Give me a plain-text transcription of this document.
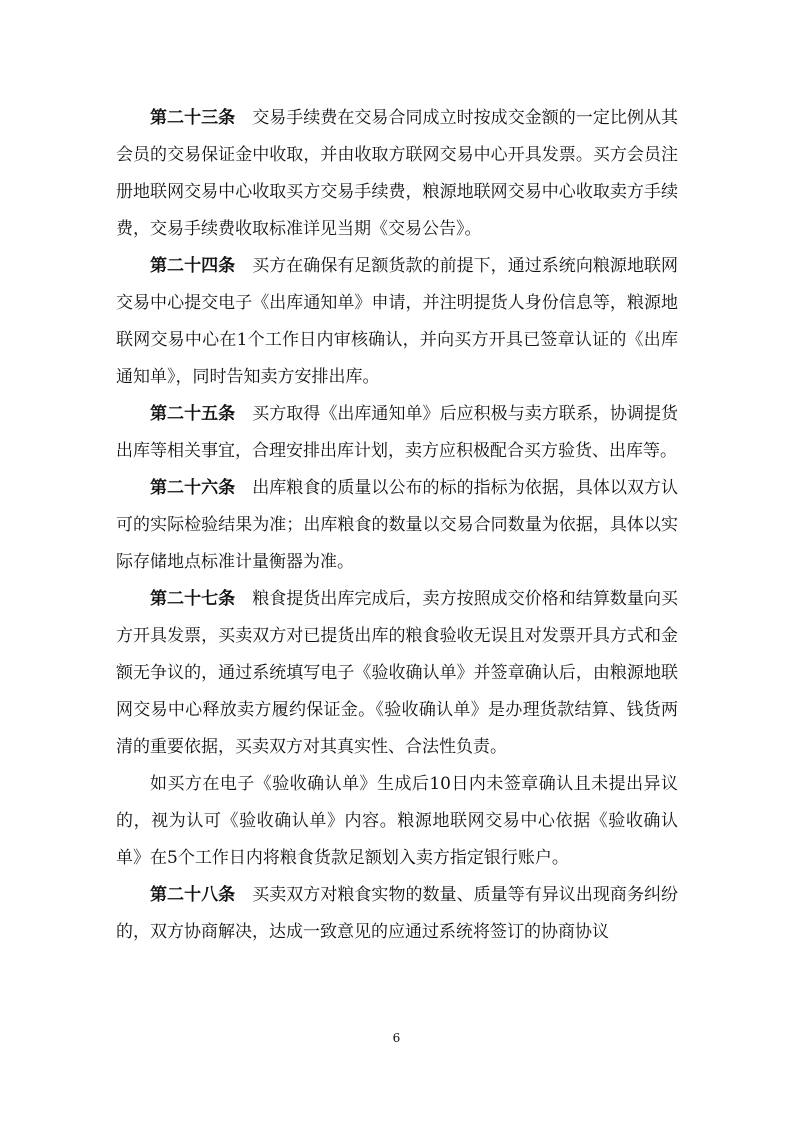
第二十三条 交易手续费在交易合同成立时按成交金额的一定比例从其会员的交易保证金中收取，并由收取方联网交易中心开具发票。买方会员注册地联网交易中心收取买方交易手续费，粮源地联网交易中心收取卖方手续费，交易手续费收取标准详见当期《交易公告》。

第二十四条 买方在确保有足额货款的前提下，通过系统向粮源地联网交易中心提交电子《出库通知单》申请，并注明提货人身份信息等，粮源地联网交易中心在1个工作日内审核确认，并向买方开具已签章认证的《出库通知单》，同时告知卖方安排出库。

第二十五条 买方取得《出库通知单》后应积极与卖方联系，协调提货出库等相关事宜，合理安排出库计划，卖方应积极配合买方验货、出库等。

第二十六条 出库粮食的质量以公布的标的指标为依据，具体以双方认可的实际检验结果为准；出库粮食的数量以交易合同数量为依据，具体以实际存储地点标准计量衡器为准。

第二十七条 粮食提货出库完成后，卖方按照成交价格和结算数量向买方开具发票，买卖双方对已提货出库的粮食验收无误且对发票开具方式和金额无争议的，通过系统填写电子《验收确认单》并签章确认后，由粮源地联网交易中心释放卖方履约保证金。《验收确认单》是办理货款结算、钱货两清的重要依据，买卖双方对其真实性、合法性负责。

如买方在电子《验收确认单》生成后10日内未签章确认且未提出异议的，视为认可《验收确认单》内容。粮源地联网交易中心依据《验收确认单》在5个工作日内将粮食货款足额划入卖方指定银行账户。

第二十八条 买卖双方对粮食实物的数量、质量等有异议出现商务纠纷的，双方协商解决，达成一致意见的应通过系统将签订的协商协议

6
